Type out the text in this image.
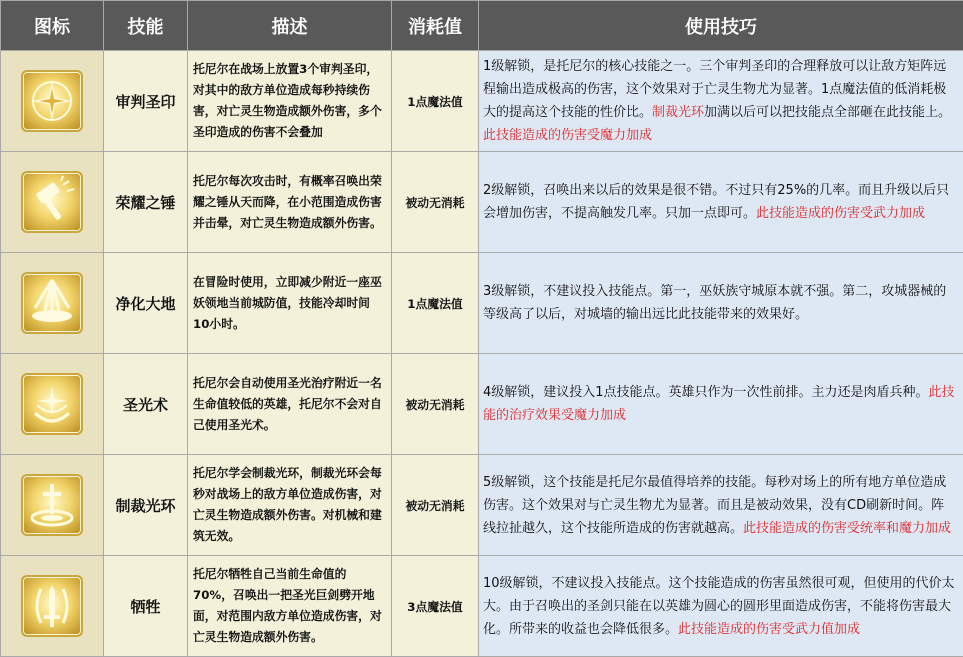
图标	技能	描述	消耗值	使用技巧

	审判圣印	托尼尔在战场上放置3个审判圣印，对其中的敌方单位造成每秒持续伤害，对亡灵生物造成额外伤害，多个圣印造成的伤害不会叠加	1点魔法值	1级解锁，是托尼尔的核心技能之一。三个审判圣印的合理释放可以让敌方矩阵远程输出造成极高的伤害，这个效果对于亡灵生物尤为显著。1点魔法值的低消耗极大的提高这个技能的性价比。制裁光环加满以后可以把技能点全部砸在此技能上。此技能造成的伤害受魔力加成

	荣耀之锤	托尼尔每次攻击时，有概率召唤出荣耀之锤从天而降，在小范围造成伤害并击晕，对亡灵生物造成额外伤害。	被动无消耗	2级解锁，召唤出来以后的效果是很不错。不过只有25%的几率。而且升级以后只会增加伤害，不提高触发几率。只加一点即可。此技能造成的伤害受武力加成

	净化大地	在冒险时使用，立即减少附近一座巫妖领地当前城防值，技能冷却时间10小时。	1点魔法值	3级解锁，不建议投入技能点。第一，巫妖族守城原本就不强。第二，攻城器械的等级高了以后，对城墙的输出远比此技能带来的效果好。

	圣光术	托尼尔会自动使用圣光治疗附近一名生命值较低的英雄，托尼尔不会对自己使用圣光术。	被动无消耗	4级解锁，建议投入1点技能点。英雄只作为一次性前排。主力还是肉盾兵种。此技能的治疗效果受魔力加成

	制裁光环	托尼尔学会制裁光环，制裁光环会每秒对战场上的敌方单位造成伤害，对亡灵生物造成额外伤害。对机械和建筑无效。	被动无消耗	5级解锁，这个技能是托尼尔最值得培养的技能。每秒对场上的所有地方单位造成伤害。这个效果对与亡灵生物尤为显著。而且是被动效果，没有CD刷新时间。阵线拉扯越久，这个技能所造成的伤害就越高。此技能造成的伤害受统率和魔力加成

	牺牲	托尼尔牺牲自己当前生命值的70%，召唤出一把圣光巨剑劈开地面，对范围内敌方单位造成伤害，对亡灵生物造成额外伤害。	3点魔法值	10级解锁，不建议投入技能点。这个技能造成的伤害虽然很可观，但使用的代价太大。由于召唤出的圣剑只能在以英雄为圆心的圆形里面造成伤害，不能将伤害最大化。所带来的收益也会降低很多。此技能造成的伤害受武力值加成
